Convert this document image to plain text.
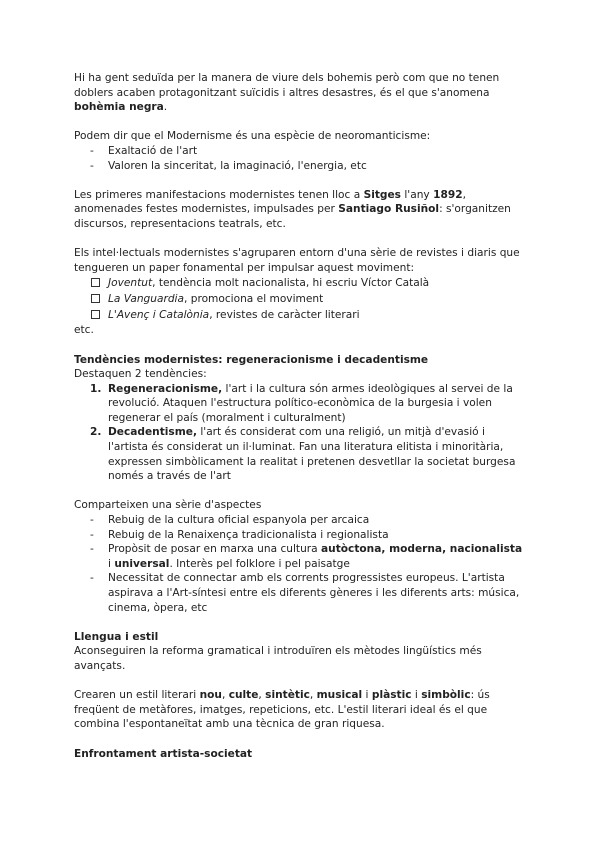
Hi ha gent seduïda per la manera de viure dels bohemis però com que no tenen doblers acaben protagonitzant suïcidis i altres desastres, és el que s'anomena bohèmia negra.

Podem dir que el Modernisme és una espècie de neoromanticisme:

- Exaltació de l'art
- Valoren la sinceritat, la imaginació, l'energia, etc

Les primeres manifestacions modernistes tenen lloc a Sitges l'any 1892, anomenades festes modernistes, impulsades per Santiago Rusiñol: s'organitzen discursos, representacions teatrals, etc.

Els intel·lectuals modernistes s'agruparen entorn d'una sèrie de revistes i diaris que tengueren un paper fonamental per impulsar aquest moviment:

Joventut, tendència molt nacionalista, hi escriu Víctor Català
La Vanguardia, promociona el moviment
L'Avenç i Catalònia, revistes de caràcter literari

etc.

Tendències modernistes: regeneracionisme i decadentisme

Destaquen 2 tendències:

1. Regeneracionisme, l'art i la cultura són armes ideològiques al servei de la revolució. Ataquen l'estructura político-econòmica de la burgesia i volen regenerar el país (moralment i culturalment)
2. Decadentisme, l'art és considerat com una religió, un mitjà d'evasió i l'artista és considerat un il·luminat. Fan una literatura elitista i minoritària, expressen simbòlicament la realitat i pretenen desvetllar la societat burgesa només a través de l'art

Comparteixen una sèrie d'aspectes

- Rebuig de la cultura oficial espanyola per arcaica
- Rebuig de la Renaixença tradicionalista i regionalista
- Propòsit de posar en marxa una cultura autòctona, moderna, nacionalista i universal. Interès pel folklore i pel paisatge
- Necessitat de connectar amb els corrents progressistes europeus. L'artista aspirava a l'Art-síntesi entre els diferents gèneres i les diferents arts: música, cinema, òpera, etc

Llengua i estil

Aconseguiren la reforma gramatical i introduïren els mètodes lingüístics més avançats.

Crearen un estil literari nou, culte, sintètic, musical i plàstic i simbòlic: ús freqüent de metàfores, imatges, repeticions, etc. L'estil literari ideal és el que combina l'espontaneïtat amb una tècnica de gran riquesa.

Enfrontament artista-societat
